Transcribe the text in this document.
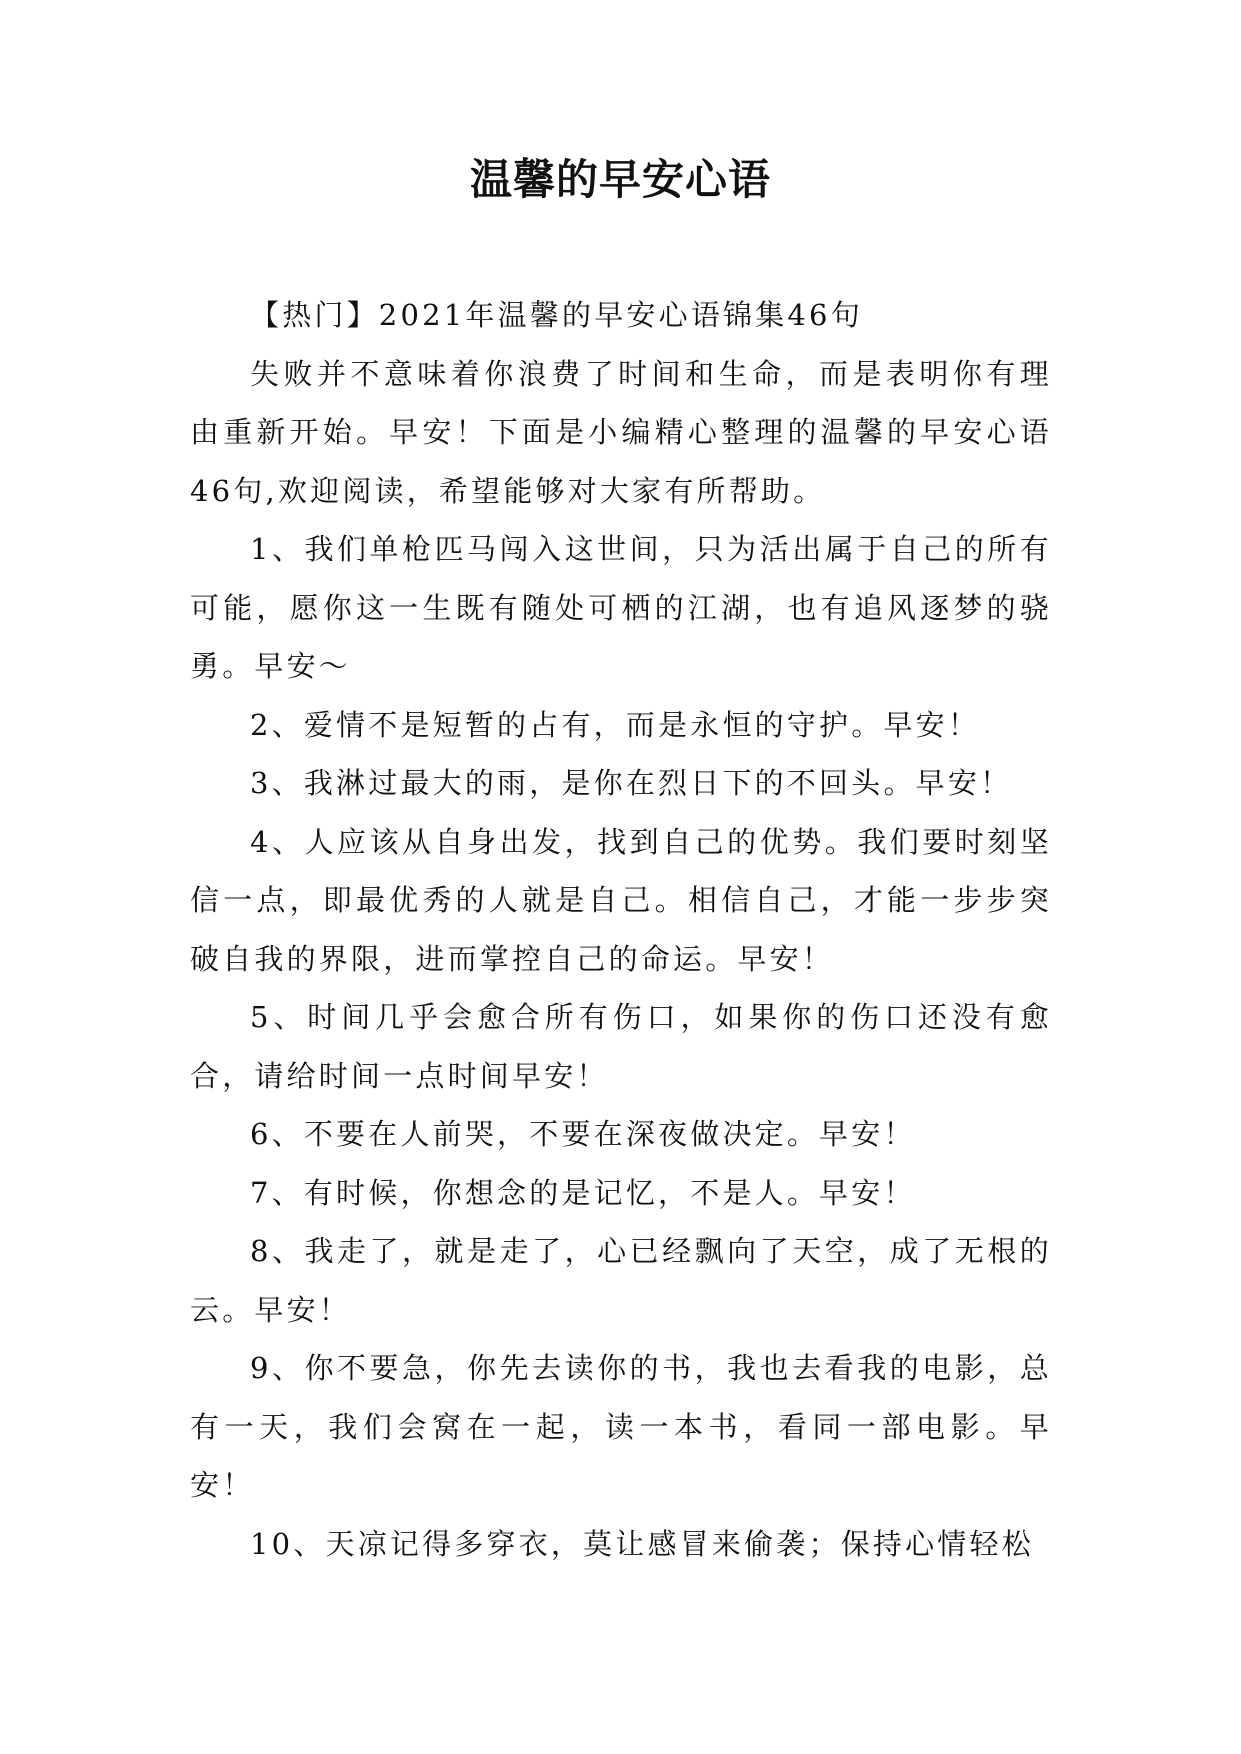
温馨的早安心语

【热门】2021年温馨的早安心语锦集46句

失败并不意味着你浪费了时间和生命，而是表明你有理由重新开始。早安！下面是小编精心整理的温馨的早安心语46句,欢迎阅读，希望能够对大家有所帮助。

1、我们单枪匹马闯入这世间，只为活出属于自己的所有可能，愿你这一生既有随处可栖的江湖，也有追风逐梦的骁勇。早安～

2、爱情不是短暂的占有，而是永恒的守护。早安！

3、我淋过最大的雨，是你在烈日下的不回头。早安！

4、人应该从自身出发，找到自己的优势。我们要时刻坚信一点，即最优秀的人就是自己。相信自己，才能一步步突破自我的界限，进而掌控自己的命运。早安！

5、时间几乎会愈合所有伤口，如果你的伤口还没有愈合，请给时间一点时间早安！

6、不要在人前哭，不要在深夜做决定。早安！

7、有时候，你想念的是记忆，不是人。早安！

8、我走了，就是走了，心已经飘向了天空，成了无根的云。早安！

9、你不要急，你先去读你的书，我也去看我的电影，总有一天，我们会窝在一起，读一本书，看同一部电影。早安！

10、天凉记得多穿衣，莫让感冒来偷袭；保持心情轻松
